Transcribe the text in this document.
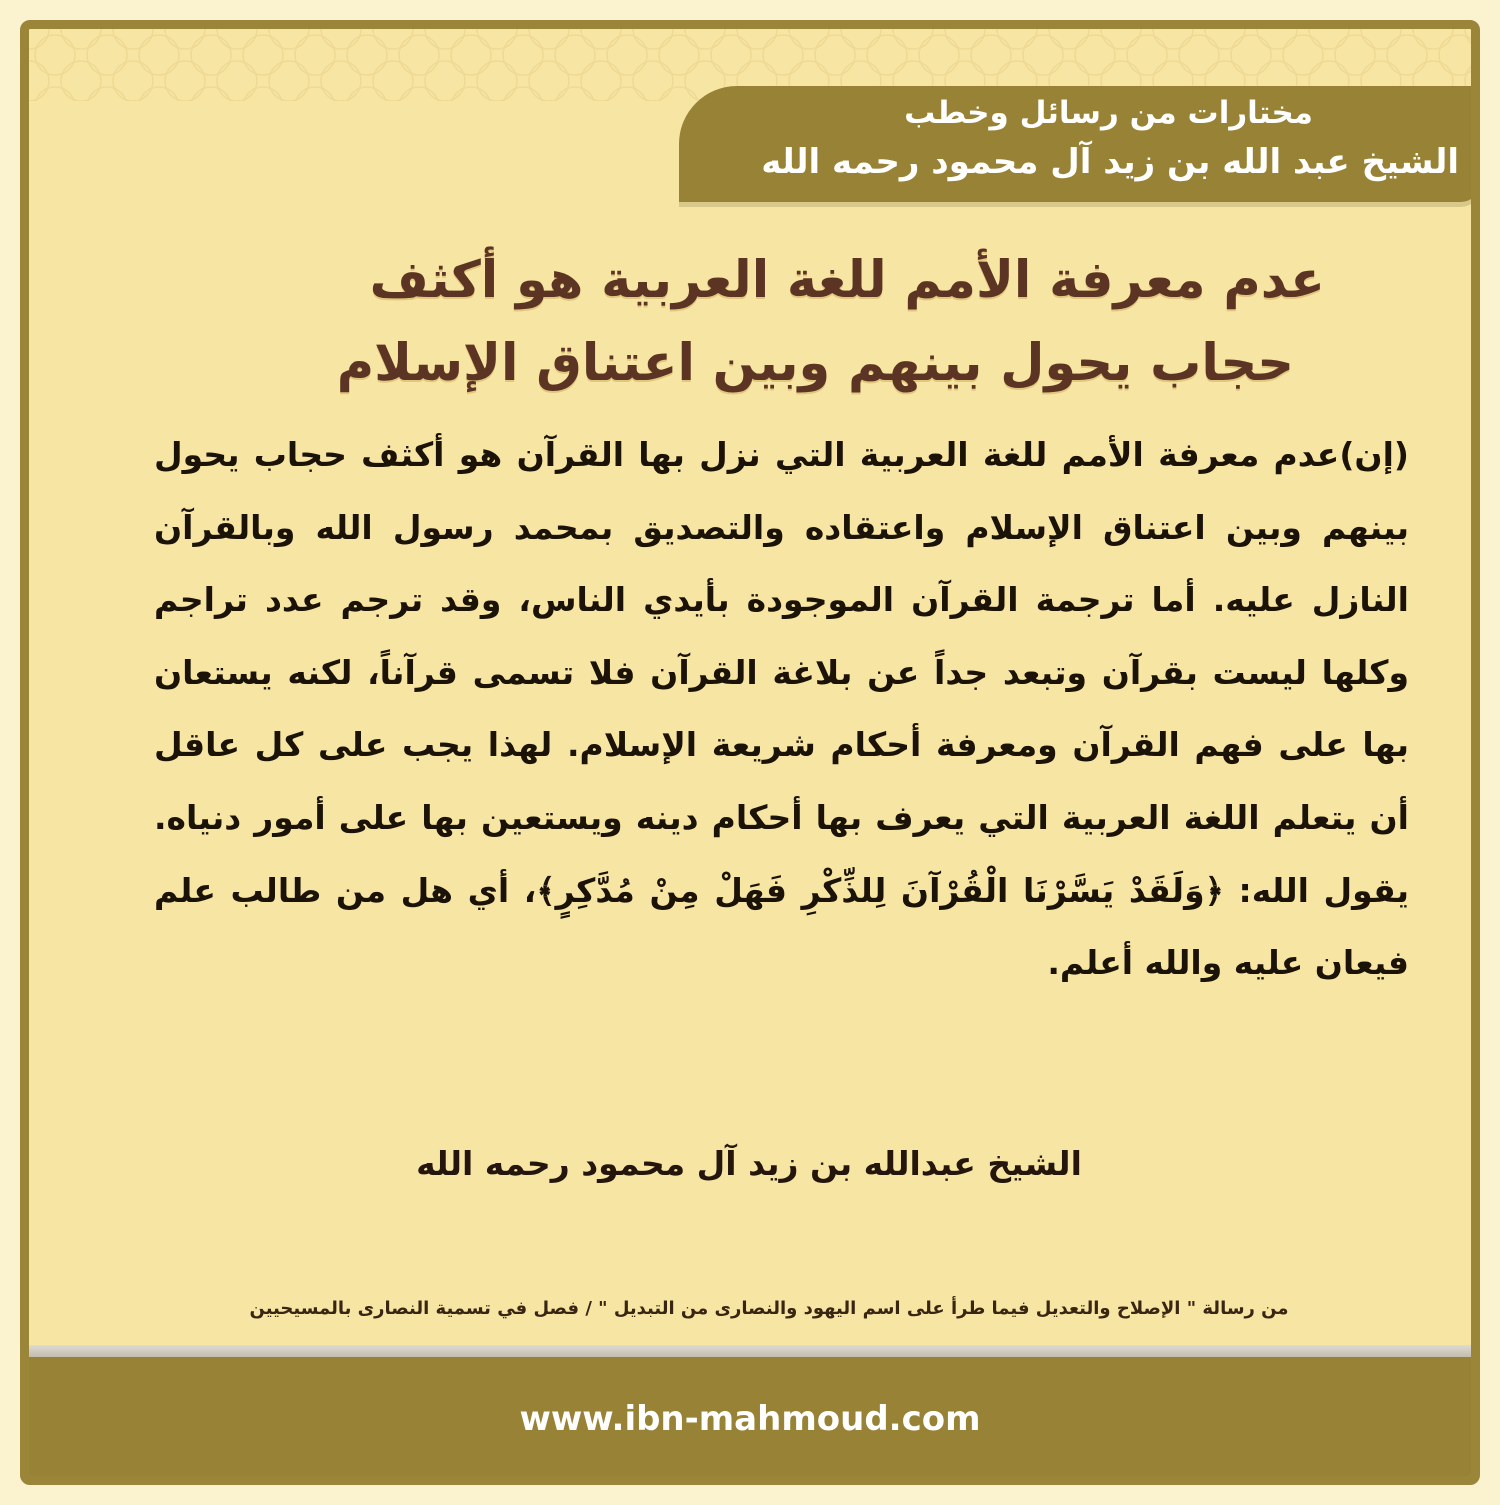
مختارات من رسائل وخطب
الشيخ عبد الله بن زيد آل محمود رحمه الله
عدم معرفة الأمم للغة العربية هو أكثف
حجاب يحول بينهم وبين اعتناق الإسلام
(إن)عدم معرفة الأمم للغة العربية التي نزل بها القرآن هو أكثف حجاب يحول بينهم وبين اعتناق الإسلام واعتقاده والتصديق بمحمد رسول الله وبالقرآن النازل عليه. أما ترجمة القرآن الموجودة بأيدي الناس، وقد ترجم عدد تراجم وكلها ليست بقرآن وتبعد جداً عن بلاغة القرآن فلا تسمى قرآناً، لكنه يستعان بها على فهم القرآن ومعرفة أحكام شريعة الإسلام. لهذا يجب على كل عاقل أن يتعلم اللغة العربية التي يعرف بها أحكام دينه ويستعين بها على أمور دنياه. يقول الله: ﴿وَلَقَدْ يَسَّرْنَا الْقُرْآنَ لِلذِّكْرِ فَهَلْ مِنْ مُدَّكِرٍ﴾، أي هل من طالب علم فيعان عليه والله أعلم.
الشيخ عبدالله بن زيد آل محمود رحمه الله
من رسالة " الإصلاح والتعديل فيما طرأ على اسم اليهود والنصارى من التبديل " / فصل في تسمية النصارى بالمسيحيين
www.ibn-mahmoud.com
